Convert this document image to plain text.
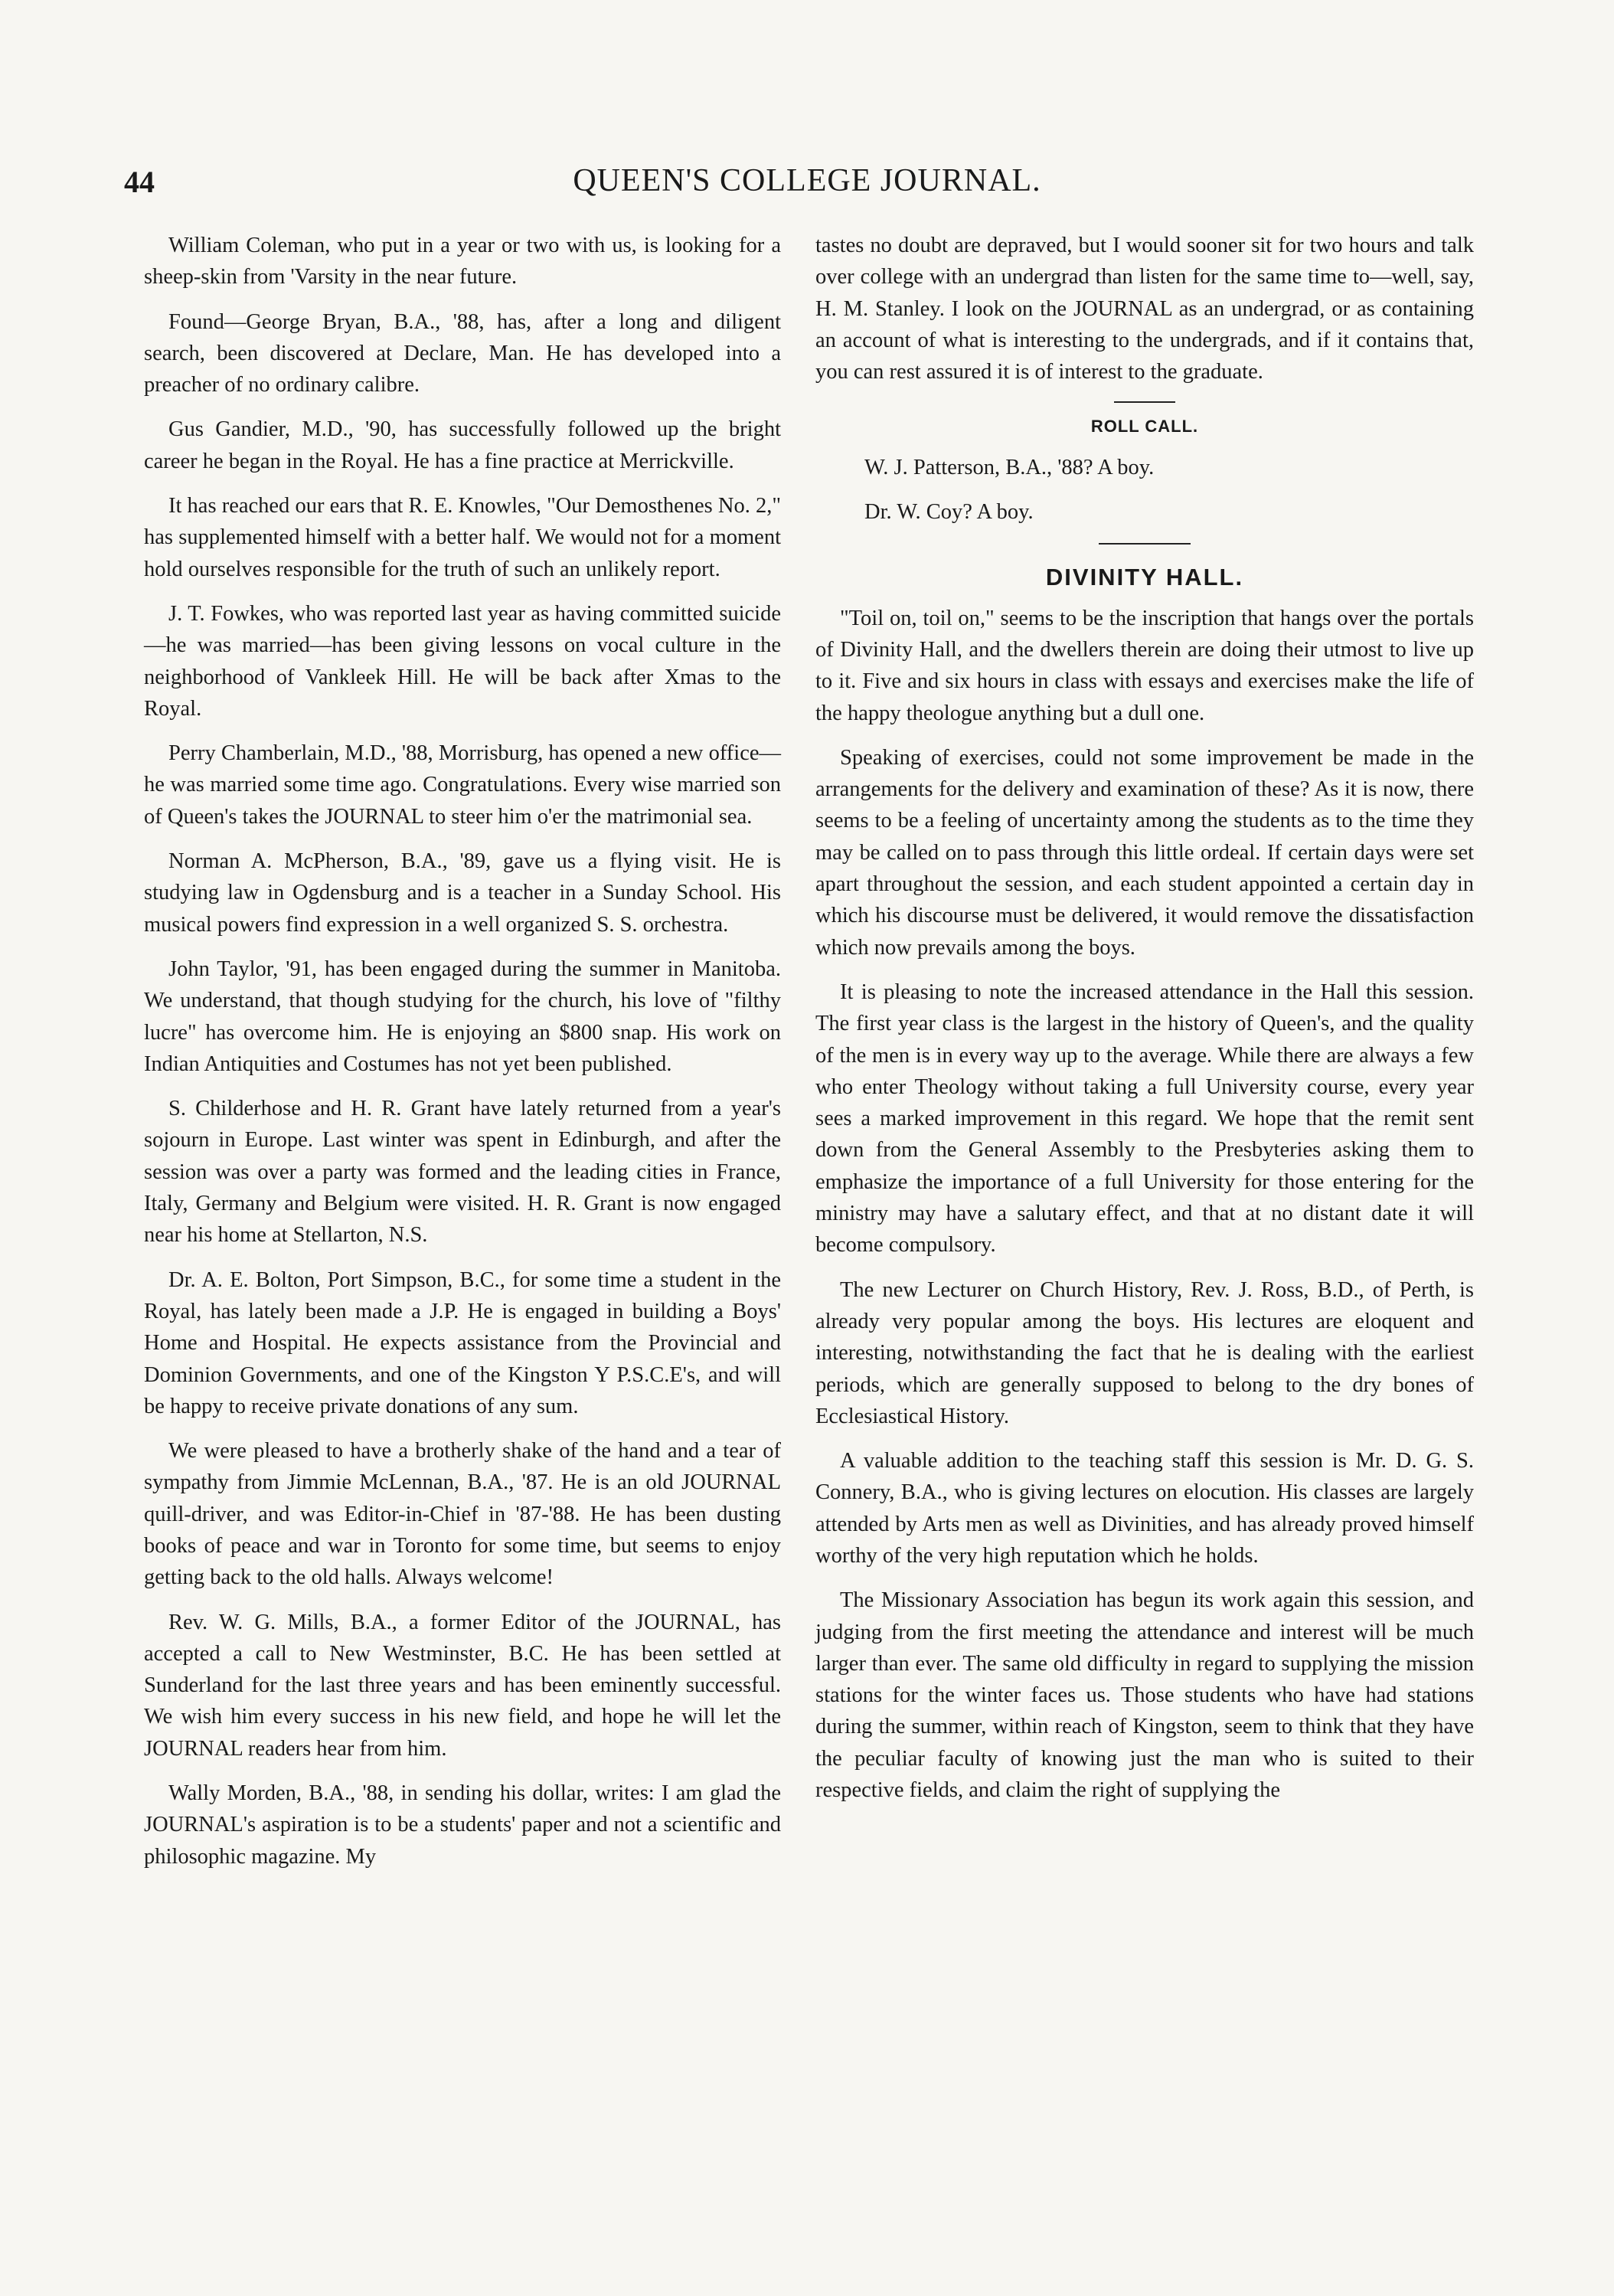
44	QUEEN'S COLLEGE JOURNAL.

William Coleman, who put in a year or two with us, is looking for a sheep-skin from 'Varsity in the near future.

Found—George Bryan, B.A., '88, has, after a long and diligent search, been discovered at Declare, Man. He has developed into a preacher of no ordinary calibre.

Gus Gandier, M.D., '90, has successfully followed up the bright career he began in the Royal. He has a fine practice at Merrickville.

It has reached our ears that R. E. Knowles, "Our Demosthenes No. 2," has supplemented himself with a better half. We would not for a moment hold ourselves responsible for the truth of such an unlikely report.

J. T. Fowkes, who was reported last year as having committed suicide—he was married—has been giving lessons on vocal culture in the neighborhood of Vankleek Hill. He will be back after Xmas to the Royal.

Perry Chamberlain, M.D., '88, Morrisburg, has opened a new office—he was married some time ago. Congratulations. Every wise married son of Queen's takes the JOURNAL to steer him o'er the matrimonial sea.

Norman A. McPherson, B.A., '89, gave us a flying visit. He is studying law in Ogdensburg and is a teacher in a Sunday School. His musical powers find expression in a well organized S. S. orchestra.

John Taylor, '91, has been engaged during the summer in Manitoba. We understand, that though studying for the church, his love of "filthy lucre" has overcome him. He is enjoying an $800 snap. His work on Indian Antiquities and Costumes has not yet been published.

S. Childerhose and H. R. Grant have lately returned from a year's sojourn in Europe. Last winter was spent in Edinburgh, and after the session was over a party was formed and the leading cities in France, Italy, Germany and Belgium were visited. H. R. Grant is now engaged near his home at Stellarton, N.S.

Dr. A. E. Bolton, Port Simpson, B.C., for some time a student in the Royal, has lately been made a J.P. He is engaged in building a Boys' Home and Hospital. He expects assistance from the Provincial and Dominion Governments, and one of the Kingston Y P.S.C.E's, and will be happy to receive private donations of any sum.

We were pleased to have a brotherly shake of the hand and a tear of sympathy from Jimmie McLennan, B.A., '87. He is an old JOURNAL quill-driver, and was Editor-in-Chief in '87-'88. He has been dusting books of peace and war in Toronto for some time, but seems to enjoy getting back to the old halls. Always welcome!

Rev. W. G. Mills, B.A., a former Editor of the JOURNAL, has accepted a call to New Westminster, B.C. He has been settled at Sunderland for the last three years and has been eminently successful. We wish him every success in his new field, and hope he will let the JOURNAL readers hear from him.

Wally Morden, B.A., '88, in sending his dollar, writes: I am glad the JOURNAL's aspiration is to be a students' paper and not a scientific and philosophic magazine. My

tastes no doubt are depraved, but I would sooner sit for two hours and talk over college with an undergrad than listen for the same time to—well, say, H. M. Stanley. I look on the JOURNAL as an undergrad, or as containing an account of what is interesting to the undergrads, and if it contains that, you can rest assured it is of interest to the graduate.

ROLL CALL.

W. J. Patterson, B.A., '88? A boy.

Dr. W. Coy? A boy.

DIVINITY HALL.

"Toil on, toil on," seems to be the inscription that hangs over the portals of Divinity Hall, and the dwellers therein are doing their utmost to live up to it. Five and six hours in class with essays and exercises make the life of the happy theologue anything but a dull one.

Speaking of exercises, could not some improvement be made in the arrangements for the delivery and examination of these? As it is now, there seems to be a feeling of uncertainty among the students as to the time they may be called on to pass through this little ordeal. If certain days were set apart throughout the session, and each student appointed a certain day in which his discourse must be delivered, it would remove the dissatisfaction which now prevails among the boys.

It is pleasing to note the increased attendance in the Hall this session. The first year class is the largest in the history of Queen's, and the quality of the men is in every way up to the average. While there are always a few who enter Theology without taking a full University course, every year sees a marked improvement in this regard. We hope that the remit sent down from the General Assembly to the Presbyteries asking them to emphasize the importance of a full University for those entering for the ministry may have a salutary effect, and that at no distant date it will become compulsory.

The new Lecturer on Church History, Rev. J. Ross, B.D., of Perth, is already very popular among the boys. His lectures are eloquent and interesting, notwithstanding the fact that he is dealing with the earliest periods, which are generally supposed to belong to the dry bones of Ecclesiastical History.

A valuable addition to the teaching staff this session is Mr. D. G. S. Connery, B.A., who is giving lectures on elocution. His classes are largely attended by Arts men as well as Divinities, and has already proved himself worthy of the very high reputation which he holds.

The Missionary Association has begun its work again this session, and judging from the first meeting the attendance and interest will be much larger than ever. The same old difficulty in regard to supplying the mission stations for the winter faces us. Those students who have had stations during the summer, within reach of Kingston, seem to think that they have the peculiar faculty of knowing just the man who is suited to their respective fields, and claim the right of supplying the
